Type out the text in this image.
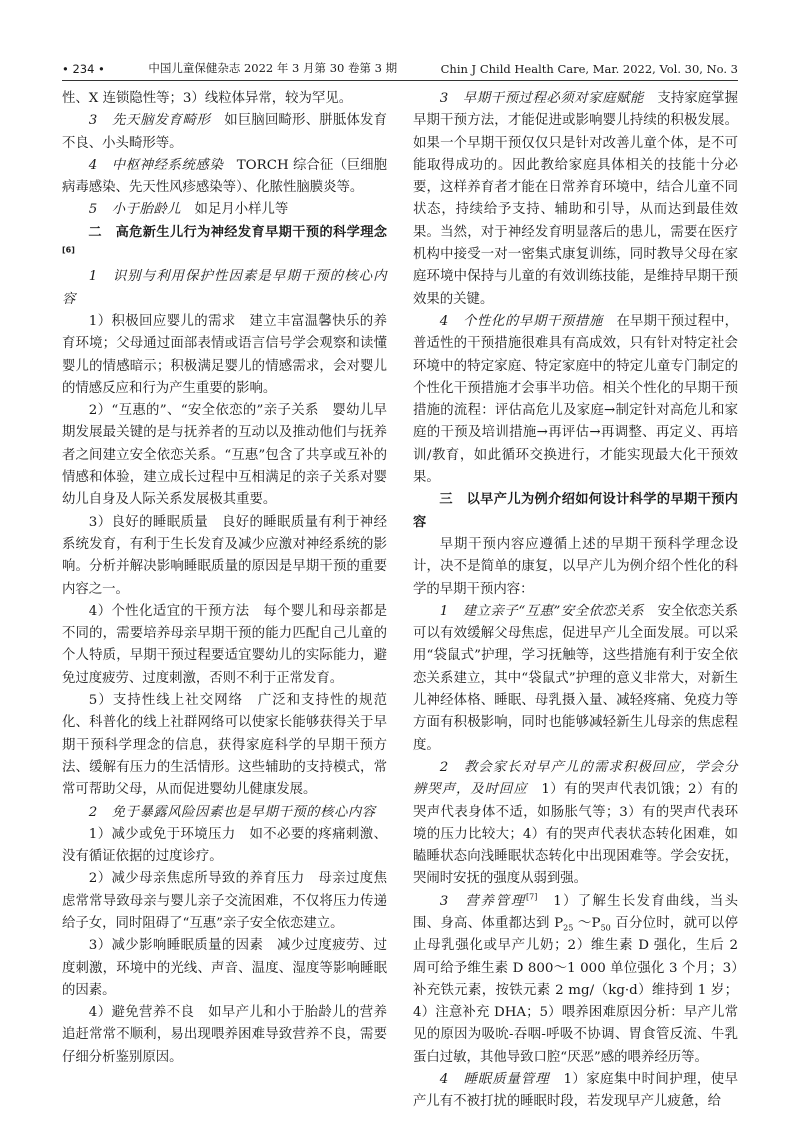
• 234 •	中国儿童保健杂志 2022 年 3 月第 30 卷第 3 期	Chin J Child Health Care, Mar. 2022, Vol. 30, No. 3

性、X 连锁隐性等；3）线粒体异常，较为罕见。

3　先天脑发育畸形　如巨脑回畸形、胼胝体发育不良、小头畸形等。

4　中枢神经系统感染　TORCH 综合征（巨细胞病毒感染、先天性风疹感染等）、化脓性脑膜炎等。

5　小于胎龄儿　如足月小样儿等

二　高危新生儿行为神经发育早期干预的科学理念[6]

1　识别与利用保护性因素是早期干预的核心内容

1）积极回应婴儿的需求　建立丰富温馨快乐的养育环境；父母通过面部表情或语言信号学会观察和读懂婴儿的情感暗示；积极满足婴儿的情感需求，会对婴儿的情感反应和行为产生重要的影响。

2）“互惠的”、“安全依恋的”亲子关系　婴幼儿早期发展最关键的是与抚养者的互动以及推动他们与抚养者之间建立安全依恋关系。“互惠”包含了共享或互补的情感和体验，建立成长过程中互相满足的亲子关系对婴幼儿自身及人际关系发展极其重要。

3）良好的睡眠质量　良好的睡眠质量有利于神经系统发育，有利于生长发育及减少应激对神经系统的影响。分析并解决影响睡眠质量的原因是早期干预的重要内容之一。

4）个性化适宜的干预方法　每个婴儿和母亲都是不同的，需要培养母亲早期干预的能力匹配自己儿童的个人特质，早期干预过程要适宜婴幼儿的实际能力，避免过度疲劳、过度刺激，否则不利于正常发育。

5）支持性线上社交网络　广泛和支持性的规范化、科普化的线上社群网络可以使家长能够获得关于早期干预科学理念的信息，获得家庭科学的早期干预方法、缓解有压力的生活情形。这些辅助的支持模式，常常可帮助父母，从而促进婴幼儿健康发展。

2　免于暴露风险因素也是早期干预的核心内容

1）减少或免于环境压力　如不必要的疼痛刺激、没有循证依据的过度诊疗。

2）减少母亲焦虑所导致的养育压力　母亲过度焦虑常常导致母亲与婴儿亲子交流困难，不仅将压力传递给子女，同时阻碍了“互惠”亲子安全依恋建立。

3）减少影响睡眠质量的因素　减少过度疲劳、过度刺激，环境中的光线、声音、温度、湿度等影响睡眠的因素。

4）避免营养不良　如早产儿和小于胎龄儿的营养追赶常常不顺利，易出现喂养困难导致营养不良，需要仔细分析鉴别原因。

3　早期干预过程必须对家庭赋能　支持家庭掌握早期干预方法，才能促进或影响婴儿持续的积极发展。如果一个早期干预仅仅只是针对改善儿童个体，是不可能取得成功的。因此教给家庭具体相关的技能十分必要，这样养育者才能在日常养育环境中，结合儿童不同状态，持续给予支持、辅助和引导，从而达到最佳效果。当然，对于神经发育明显落后的患儿，需要在医疗机构中接受一对一密集式康复训练，同时教导父母在家庭环境中保持与儿童的有效训练技能，是维持早期干预效果的关键。

4　个性化的早期干预措施　在早期干预过程中，普适性的干预措施很难具有高成效，只有针对特定社会环境中的特定家庭、特定家庭中的特定儿童专门制定的个性化干预措施才会事半功倍。相关个性化的早期干预措施的流程：评估高危儿及家庭→制定针对高危儿和家庭的干预及培训措施→再评估→再调整、再定义、再培训/教育，如此循环交换进行，才能实现最大化干预效果。

三　以早产儿为例介绍如何设计科学的早期干预内容

早期干预内容应遵循上述的早期干预科学理念设计，决不是简单的康复，以早产儿为例介绍个性化的科学的早期干预内容：

1　建立亲子“互惠”安全依恋关系　安全依恋关系可以有效缓解父母焦虑，促进早产儿全面发展。可以采用“袋鼠式”护理，学习抚触等，这些措施有利于安全依恋关系建立，其中“袋鼠式”护理的意义非常大，对新生儿神经体格、睡眠、母乳摄入量、减轻疼痛、免疫力等方面有积极影响，同时也能够减轻新生儿母亲的焦虑程度。

2　教会家长对早产儿的需求积极回应，学会分辨哭声，及时回应　1）有的哭声代表饥饿；2）有的哭声代表身体不适，如肠胀气等；3）有的哭声代表环境的压力比较大；4）有的哭声代表状态转化困难，如瞌睡状态向浅睡眠状态转化中出现困难等。学会安抚，哭闹时安抚的强度从弱到强。

3　营养管理[7]　1）了解生长发育曲线，当头围、身高、体重都达到 $P_{25}$ $\sim P_{50}$ 百分位时，就可以停止母乳强化或早产儿奶；2）维生素 D 强化，生后 2 周可给予维生素 D 800～1 000 单位强化 3 个月；3）补充铁元素，按铁元素 2 mg/（kg·d）维持到 1 岁；4）注意补充 DHA；5）喂养困难原因分析：早产儿常见的原因为吸吮-吞咽-呼吸不协调、胃食管反流、牛乳蛋白过敏，其他导致口腔“厌恶”感的喂养经历等。

4　睡眠质量管理　1）家庭集中时间护理，使早产儿有不被打扰的睡眠时段，若发现早产儿疲惫，给
